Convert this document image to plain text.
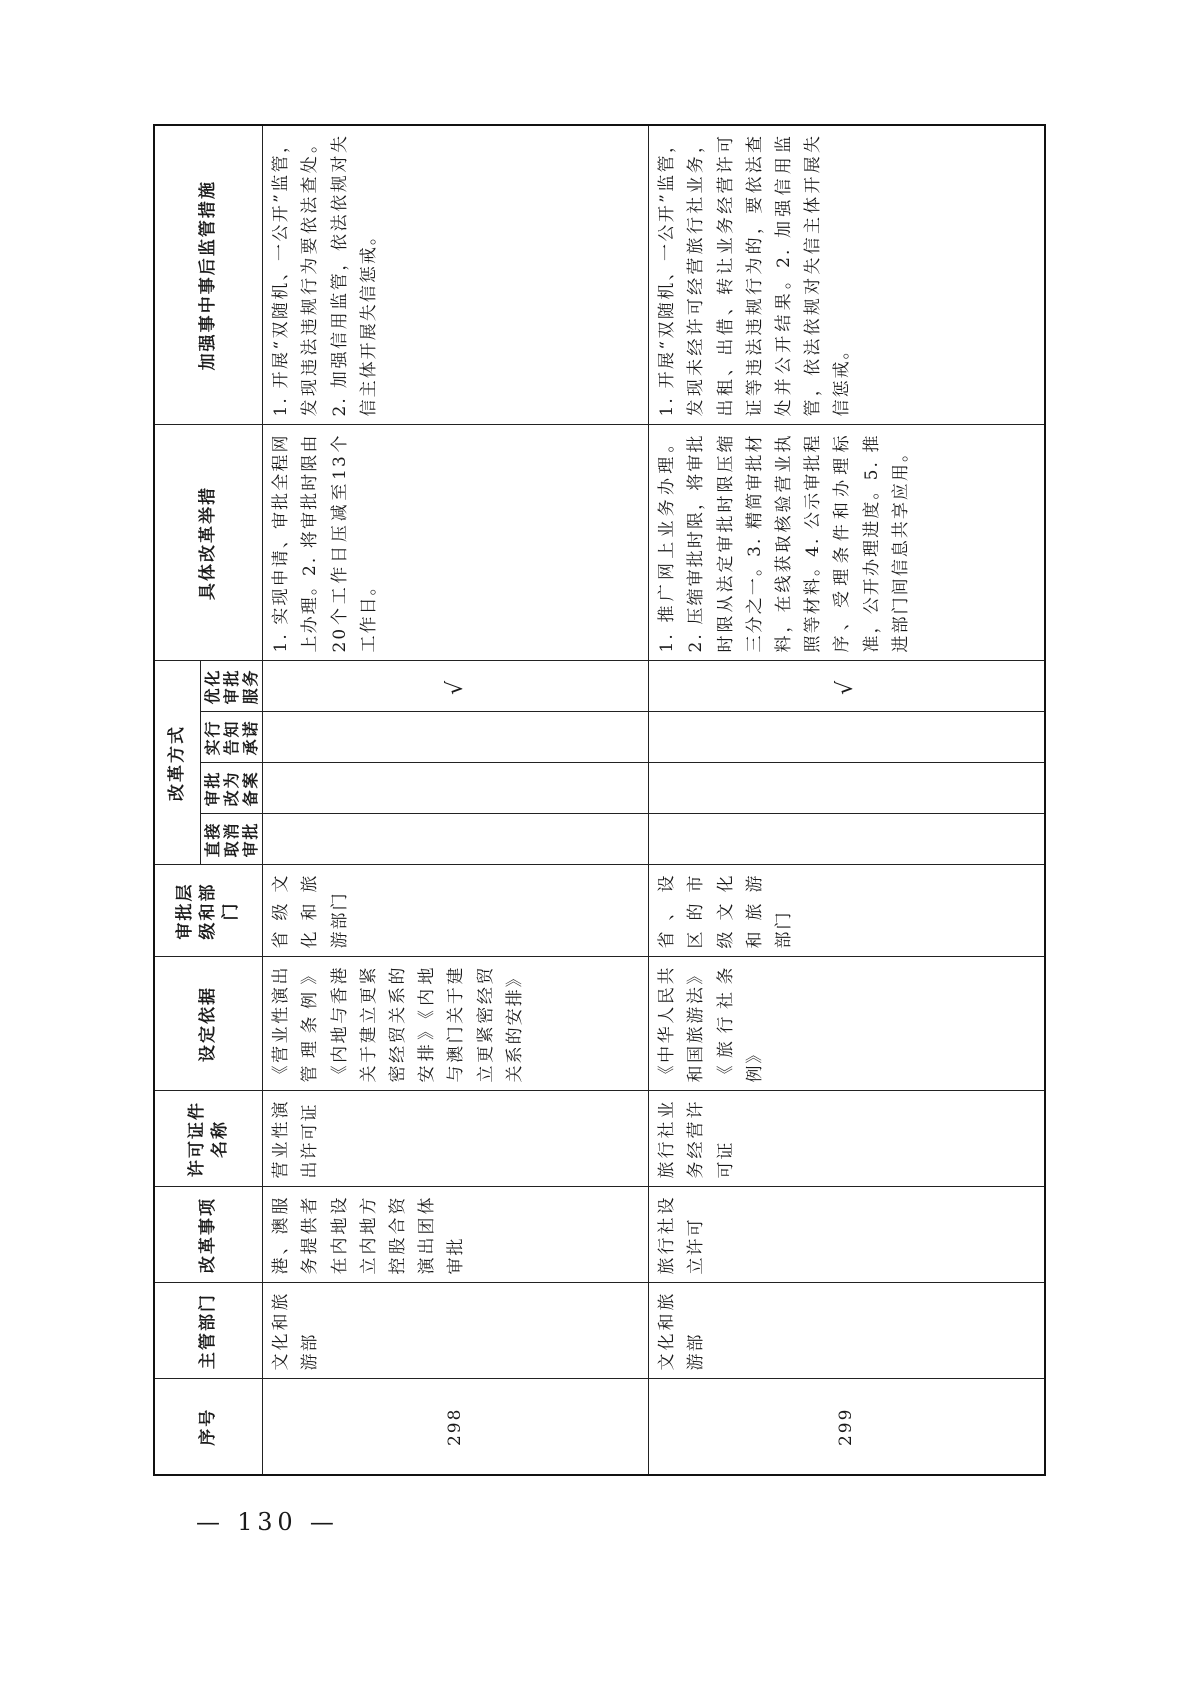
序号	主管部门	改革事项	许可证件名称	设定依据	审批层级和部门	改革方式				具体改革举措	加强事中事后监管措施
						直接取消审批	审批改为备案	实行告知承诺	优化审批服务		
298	文化和旅游部	港、澳服务提供者在内地设立内地方控股合资演出团体审批	营业性演出许可证	《营业性演出管理条例》《内地与香港关于建立更紧密经贸关系的安排》《内地与澳门关于建立更紧密经贸关系的安排》	省级文化和旅游部门				√	1. 实现申请、审批全程网上办理。2. 将审批时限由20个工作日压减至13个工作日。	1. 开展“双随机、一公开”监管，发现违法违规行为要依法查处。2. 加强信用监管，依法依规对失信主体开展失信惩戒。
299	文化和旅游部	旅行社设立许可	旅行社业务经营许可证	《中华人民共和国旅游法》《旅行社条例》	省、设区的市级文化和旅游部门				√	1. 推广网上业务办理。2. 压缩审批时限，将审批时限从法定审批时限压缩三分之一。3. 精简审批材料，在线获取核验营业执照等材料。4. 公示审批程序、受理条件和办理标准，公开办理进度。5. 推进部门间信息共享应用。	1. 开展“双随机、一公开”监管，发现未经许可经营旅行社业务，出租、出借、转让业务经营许可证等违法违规行为的，要依法查处并公开结果。2. 加强信用监管，依法依规对失信主体开展失信惩戒。
— 130 —
